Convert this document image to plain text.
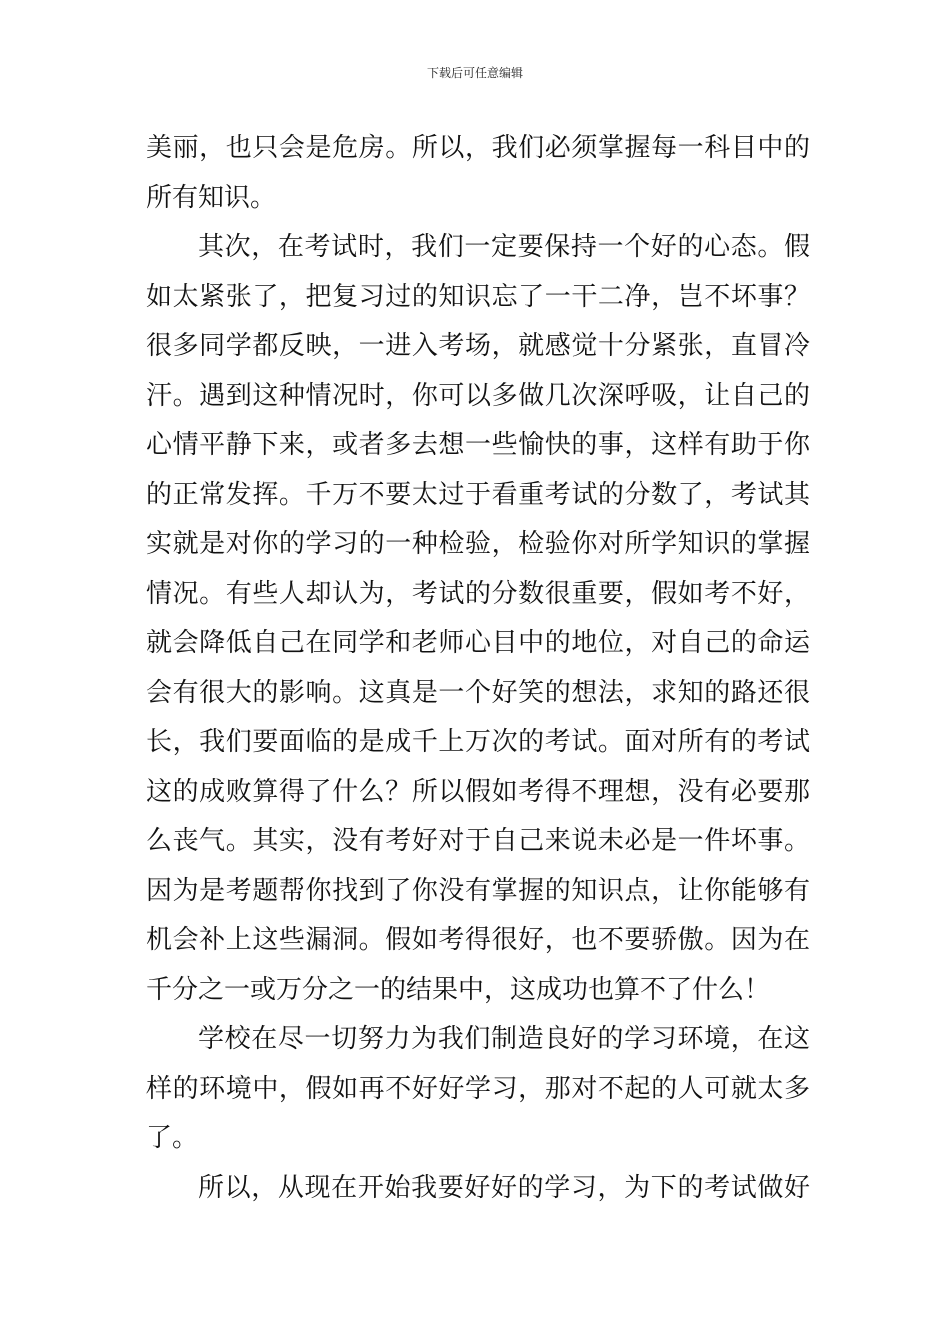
下载后可任意编辑
美丽，也只会是危房。所以，我们必须掌握每一科目中的
所有知识。
其次，在考试时，我们一定要保持一个好的心态。假
如太紧张了，把复习过的知识忘了一干二净，岂不坏事？
很多同学都反映，一进入考场，就感觉十分紧张，直冒冷
汗。遇到这种情况时，你可以多做几次深呼吸，让自己的
心情平静下来，或者多去想一些愉快的事，这样有助于你
的正常发挥。千万不要太过于看重考试的分数了，考试其
实就是对你的学习的一种检验，检验你对所学知识的掌握
情况。有些人却认为，考试的分数很重要，假如考不好，
就会降低自己在同学和老师心目中的地位，对自己的命运
会有很大的影响。这真是一个好笑的想法，求知的路还很
长，我们要面临的是成千上万次的考试。面对所有的考试
这的成败算得了什么？所以假如考得不理想，没有必要那
么丧气。其实，没有考好对于自己来说未必是一件坏事。
因为是考题帮你找到了你没有掌握的知识点，让你能够有
机会补上这些漏洞。假如考得很好，也不要骄傲。因为在
千分之一或万分之一的结果中，这成功也算不了什么！
学校在尽一切努力为我们制造良好的学习环境，在这
样的环境中，假如再不好好学习，那对不起的人可就太多
了。
所以，从现在开始我要好好的学习，为下的考试做好
